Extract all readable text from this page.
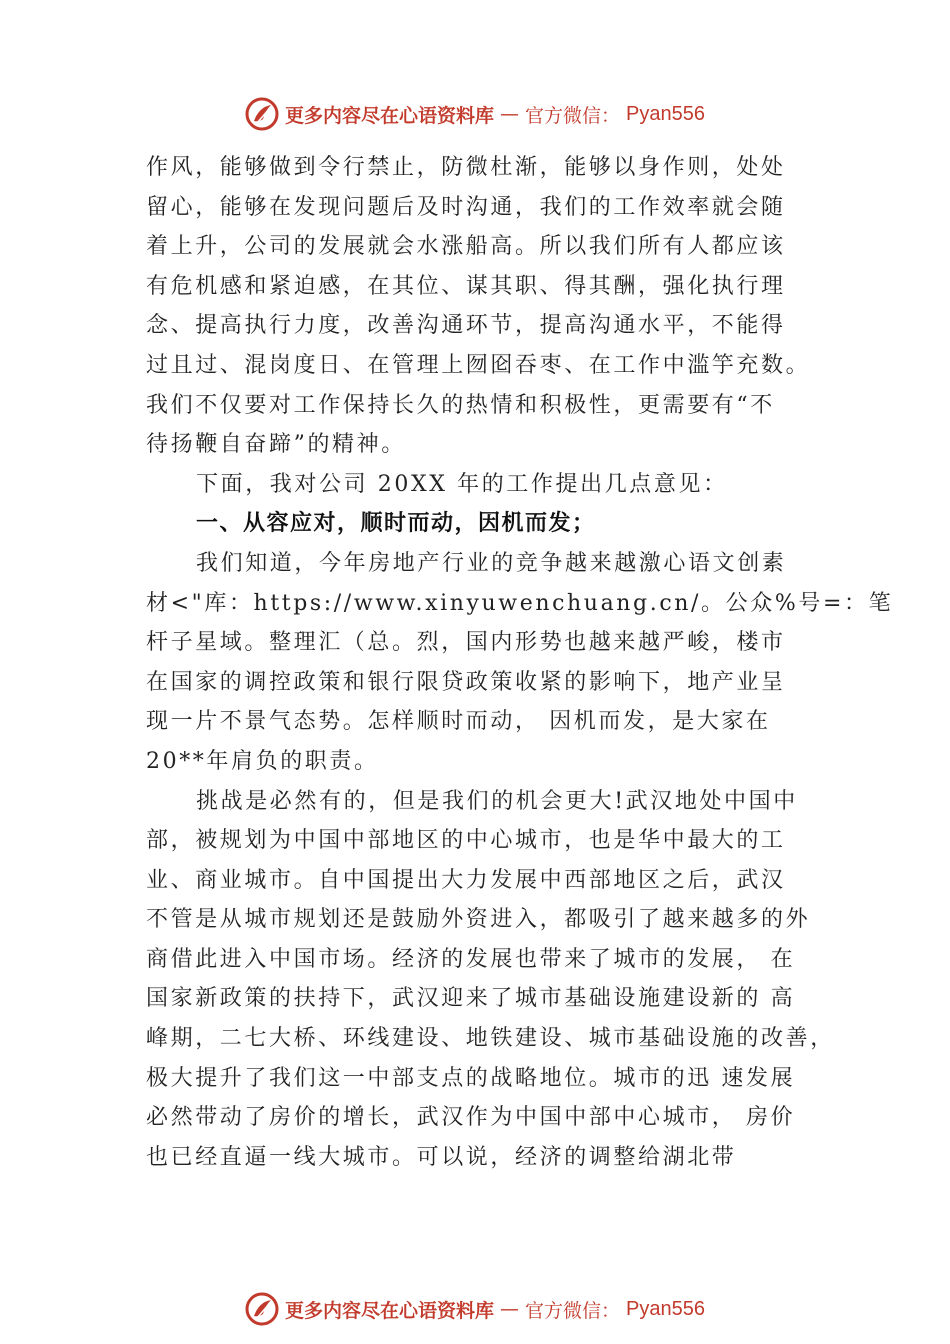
更多内容尽在心语资料库 — 官方微信： Pyan556
作风，能够做到令行禁止，防微杜渐，能够以身作则，处处
留心，能够在发现问题后及时沟通，我们的工作效率就会随
着上升，公司的发展就会水涨船高。所以我们所有人都应该
有危机感和紧迫感，在其位、谋其职、得其酬，强化执行理
念、提高执行力度，改善沟通环节，提高沟通水平，不能得
过且过、混岗度日、在管理上囫囵吞枣、在工作中滥竽充数。
我们不仅要对工作保持长久的热情和积极性，更需要有“不
待扬鞭自奋蹄”的精神。
下面，我对公司 20XX 年的工作提出几点意见：
一、从容应对，顺时而动，因机而发；
我们知道，今年房地产行业的竞争越来越激心语文创素
材<"库：https://www.xinyuwenchuang.cn/。公众%号=：笔
杆子星域。整理汇（总。烈，国内形势也越来越严峻，楼市
在国家的调控政策和银行限贷政策收紧的影响下，地产业呈
现一片不景气态势。怎样顺时而动， 因机而发，是大家在
20**年肩负的职责。
挑战是必然有的，但是我们的机会更大!武汉地处中国中
部，被规划为中国中部地区的中心城市，也是华中最大的工
业、商业城市。自中国提出大力发展中西部地区之后，武汉
不管是从城市规划还是鼓励外资进入，都吸引了越来越多的外
商借此进入中国市场。经济的发展也带来了城市的发展， 在
国家新政策的扶持下，武汉迎来了城市基础设施建设新的 高
峰期，二七大桥、环线建设、地铁建设、城市基础设施的改善，
极大提升了我们这一中部支点的战略地位。城市的迅 速发展
必然带动了房价的增长，武汉作为中国中部中心城市， 房价
也已经直逼一线大城市。可以说，经济的调整给湖北带
更多内容尽在心语资料库 — 官方微信： Pyan556
